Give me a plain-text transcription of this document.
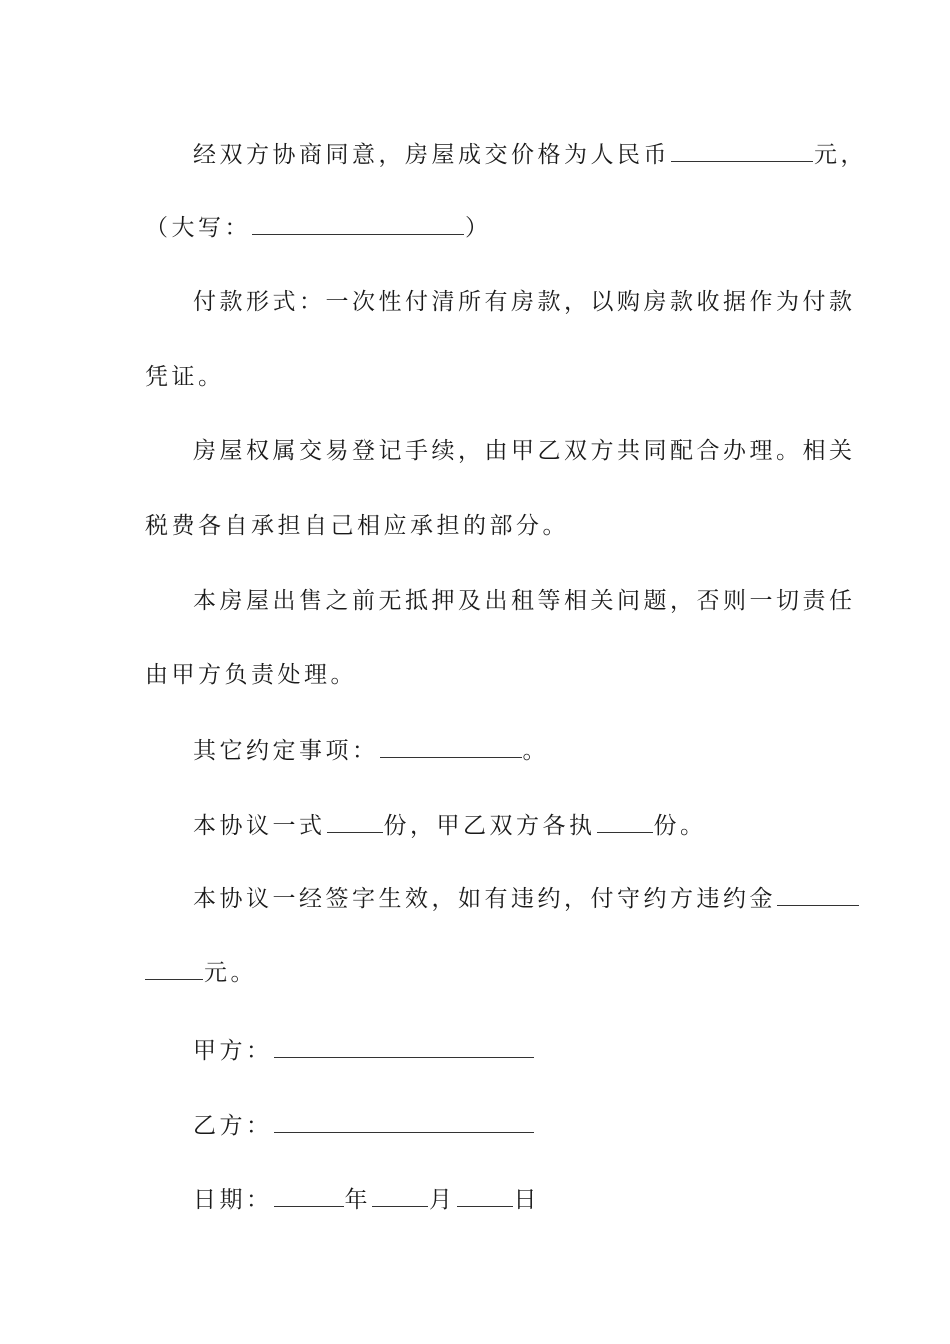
经双方协商同意，房屋成交价格为人民币	元，
（大写：	）
付款形式：一次性付清所有房款，以购房款收据作为付款
凭证。
房屋权属交易登记手续，由甲乙双方共同配合办理。相关
税费各自承担自己相应承担的部分。
本房屋出售之前无抵押及出租等相关问题，否则一切责任
由甲方负责处理。
其它约定事项：	。
本协议一式	份，甲乙双方各执	份。
本协议一经签字生效，如有违约，付守约方违约金
元。
甲方：
乙方：
日期：	年	月	日
